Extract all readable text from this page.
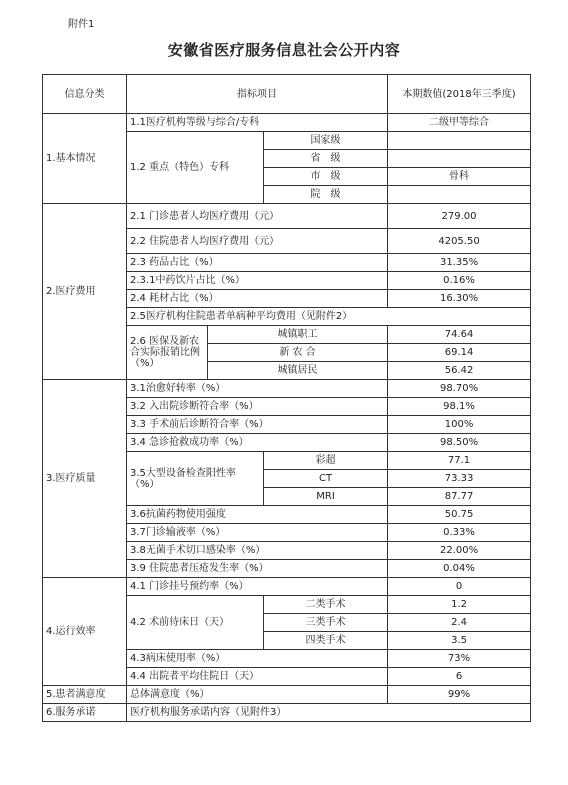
附件1
安徽省医疗服务信息社会公开内容
信息分类	指标项目			本期数值(2018年三季度)
1.基本情况	1.1医疗机构等级与综合/专科			二级甲等综合
	1.2 重点（特色）专科		国家级	
			省　级	
			市　级	骨科
			院　级	
2.医疗费用	2.1 门诊患者人均医疗费用（元）			279.00
	2.2 住院患者人均医疗费用（元）			4205.50
	2.3 药品占比（%）			31.35%
	2.3.1中药饮片占比（%）			0.16%
	2.4 耗材占比（%）			16.30%
	2.5医疗机构住院患者单病种平均费用（见附件2）			
	2.6 医保及新农合实际报销比例（%）	城镇职工		74.64
		新 农 合		69.14
		城镇居民		56.42
3.医疗质量	3.1治愈好转率（%）			98.70%
	3.2 入出院诊断符合率（%）			98.1%
	3.3 手术前后诊断符合率（%）			100%
	3.4 急诊抢救成功率（%）			98.50%
	3.5大型设备检查阳性率（%）		彩超	77.1
			CT	73.33
			MRI	87.77
	3.6抗菌药物使用强度			50.75
	3.7门诊输液率（%）			0.33%
	3.8无菌手术切口感染率（%）			22.00%
	3.9 住院患者压疮发生率（%）			0.04%
4.运行效率	4.1 门诊挂号预约率（%）			0
	4.2 术前待床日（天）		二类手术	1.2
			三类手术	2.4
			四类手术	3.5
	4.3病床使用率（%）			73%
	4.4 出院者平均住院日（天）			6
5.患者满意度	总体满意度（%）			99%
6.服务承诺	医疗机构服务承诺内容（见附件3）			
